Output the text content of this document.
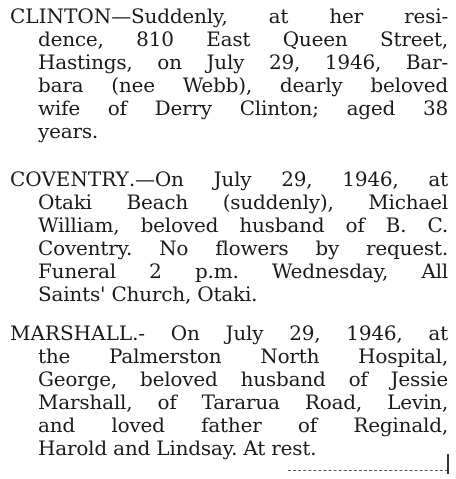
CLINTON—Suddenly, at her resi-
dence, 810 East Queen Street,
Hastings, on July 29, 1946, Bar-
bara (nee Webb), dearly beloved
wife of Derry Clinton; aged 38
years.
COVENTRY.—On July 29, 1946, at
Otaki Beach (suddenly), Michael
William, beloved husband of B. C.
Coventry. No flowers by request.
Funeral 2 p.m. Wednesday, All
Saints' Church, Otaki.
MARSHALL.- On July 29, 1946, at
the Palmerston North Hospital,
George, beloved husband of Jessie
Marshall, of Tararua Road, Levin,
and loved father of Reginald,
Harold and Lindsay. At rest.
